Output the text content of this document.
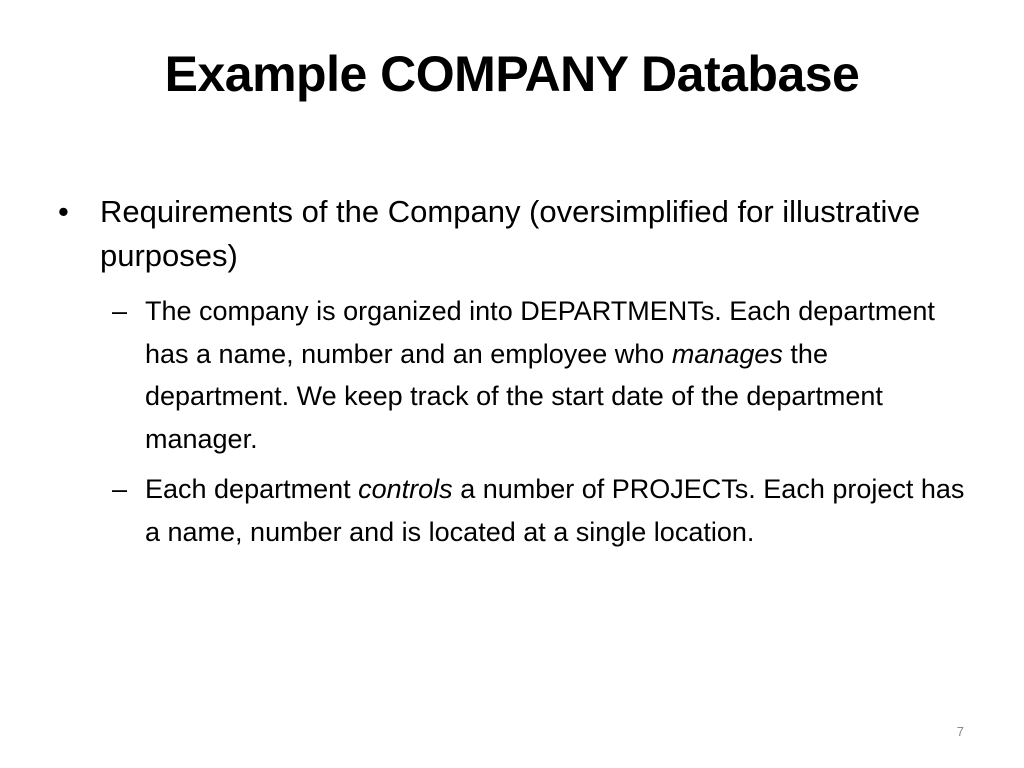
Example COMPANY Database
•	Requirements of the Company (oversimplified for illustrative purposes)
– The company is organized into DEPARTMENTs. Each department has a name, number and an employee who manages the department. We keep track of the start date of the department manager.
– Each department controls a number of PROJECTs. Each project has a name, number and is located at a single location.
7
